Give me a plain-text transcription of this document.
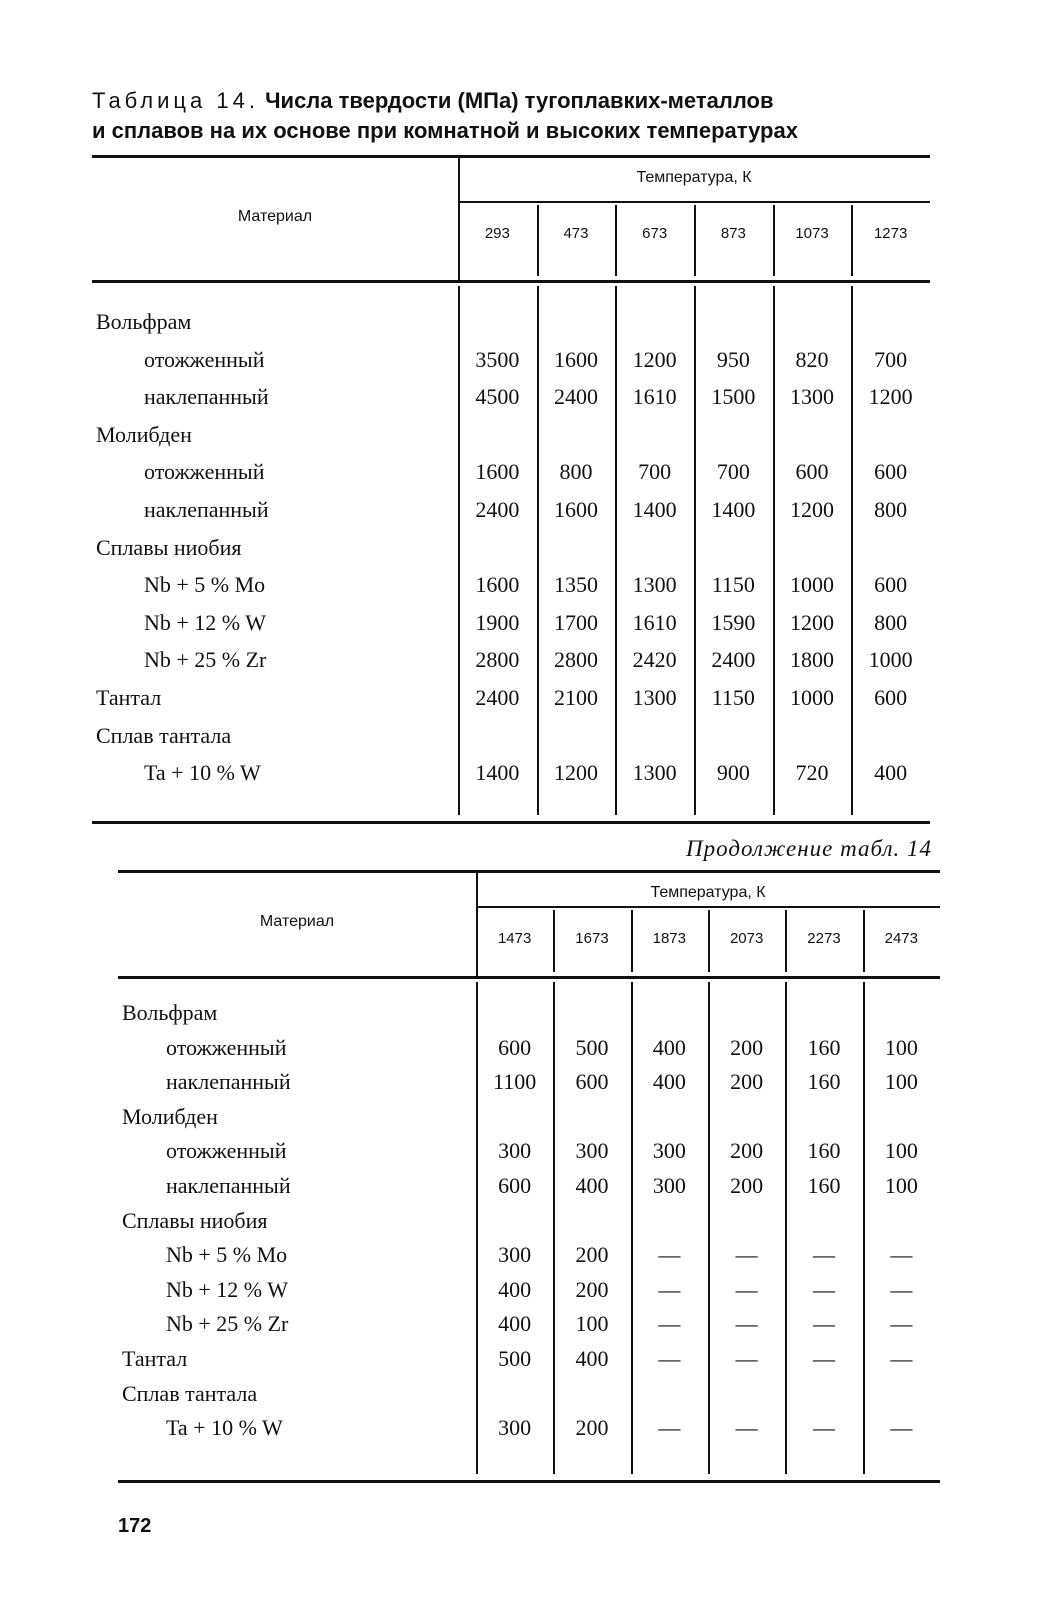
Таблица 14. Числа твердости (МПа) тугоплавких-металлов
и сплавов на их основе при комнатной и высоких температурах
Материал
Температура, К
293	473	673	873	1073	1273
Вольфрам
отожженный	3500	1600	1200	950	820	700
наклепанный	4500	2400	1610	1500	1300	1200
Молибден
отожженный	1600	800	700	700	600	600
наклепанный	2400	1600	1400	1400	1200	800
Сплавы ниобия
Nb + 5 % Mo	1600	1350	1300	1150	1000	600
Nb + 12 % W	1900	1700	1610	1590	1200	800
Nb + 25 % Zr	2800	2800	2420	2400	1800	1000
Тантал	2400	2100	1300	1150	1000	600
Сплав тантала
Ta + 10 % W	1400	1200	1300	900	720	400
Продолжение табл. 14
Материал
Температура, К
1473	1673	1873	2073	2273	2473
Вольфрам
отожженный	600	500	400	200	160	100
наклепанный	1100	600	400	200	160	100
Молибден
отожженный	300	300	300	200	160	100
наклепанный	600	400	300	200	160	100
Сплавы ниобия
Nb + 5 % Mo	300	200	—	—	—	—
Nb + 12 % W	400	200	—	—	—	—
Nb + 25 % Zr	400	100	—	—	—	—
Тантал	500	400	—	—	—	—
Сплав тантала
Ta + 10 % W	300	200	—	—	—	—
172
